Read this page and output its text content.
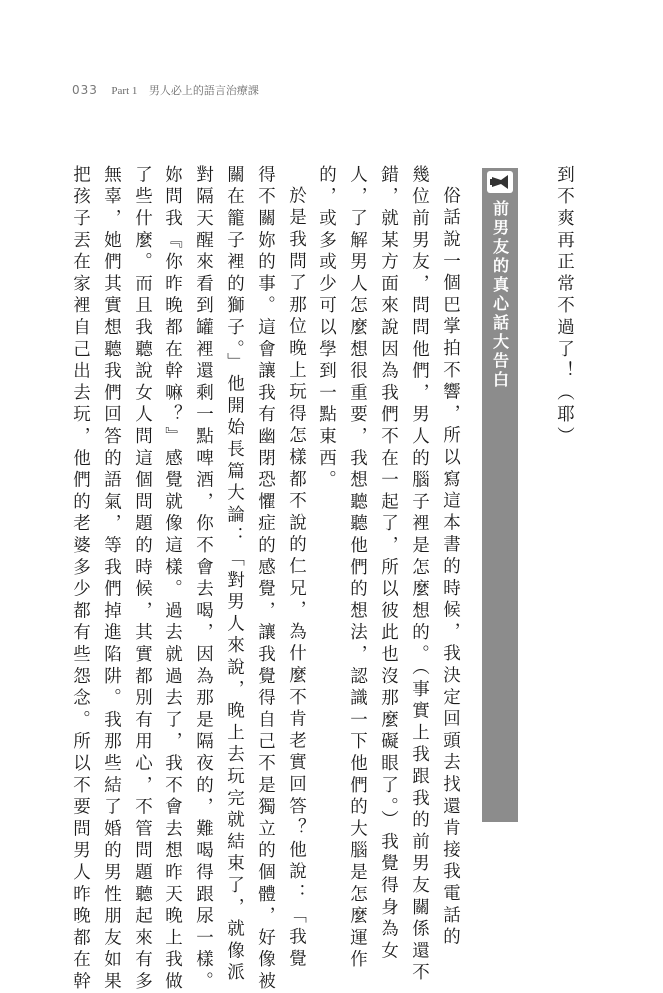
033 Part 1 男人必上的語言治療課
到不爽再正常不過了！（耶）
前男友的真心話大告白
俗話說一個巴掌拍不響，所以寫這本書的時候，我決定回頭去找還肯接我電話的
幾位前男友，問問他們，男人的腦子裡是怎麼想的。（事實上我跟我的前男友關係還不
錯，就某方面來說因為我們不在一起了，所以彼此也沒那麼礙眼了。）我覺得身為女
人，了解男人怎麼想很重要，我想聽聽他們的想法，認識一下他們的大腦是怎麼運作
的，或多或少可以學到一點東西。
於是我問了那位晚上玩得怎樣都不說的仁兄，為什麼不肯老實回答？他說：「我覺
得不關妳的事。這會讓我有幽閉恐懼症的感覺，讓我覺得自己不是獨立的個體，好像被
關在籠子裡的獅子。」他開始長篇大論：「對男人來說，晚上去玩完就結束了，就像派
對隔天醒來看到罐裡還剩一點啤酒，你不會去喝，因為那是隔夜的，難喝得跟尿一樣。
妳問我『你昨晚都在幹嘛？』感覺就像這樣。過去就過去了，我不會去想昨天晚上我做
了些什麼。而且我聽說女人問這個問題的時候，其實都別有用心，不管問題聽起來有多
無辜，她們其實想聽我們回答的語氣，等我們掉進陷阱。我那些結了婚的男性朋友如果
把孩子丟在家裡自己出去玩，他們的老婆多少都有些怨念。所以不要問男人昨晚都在幹
